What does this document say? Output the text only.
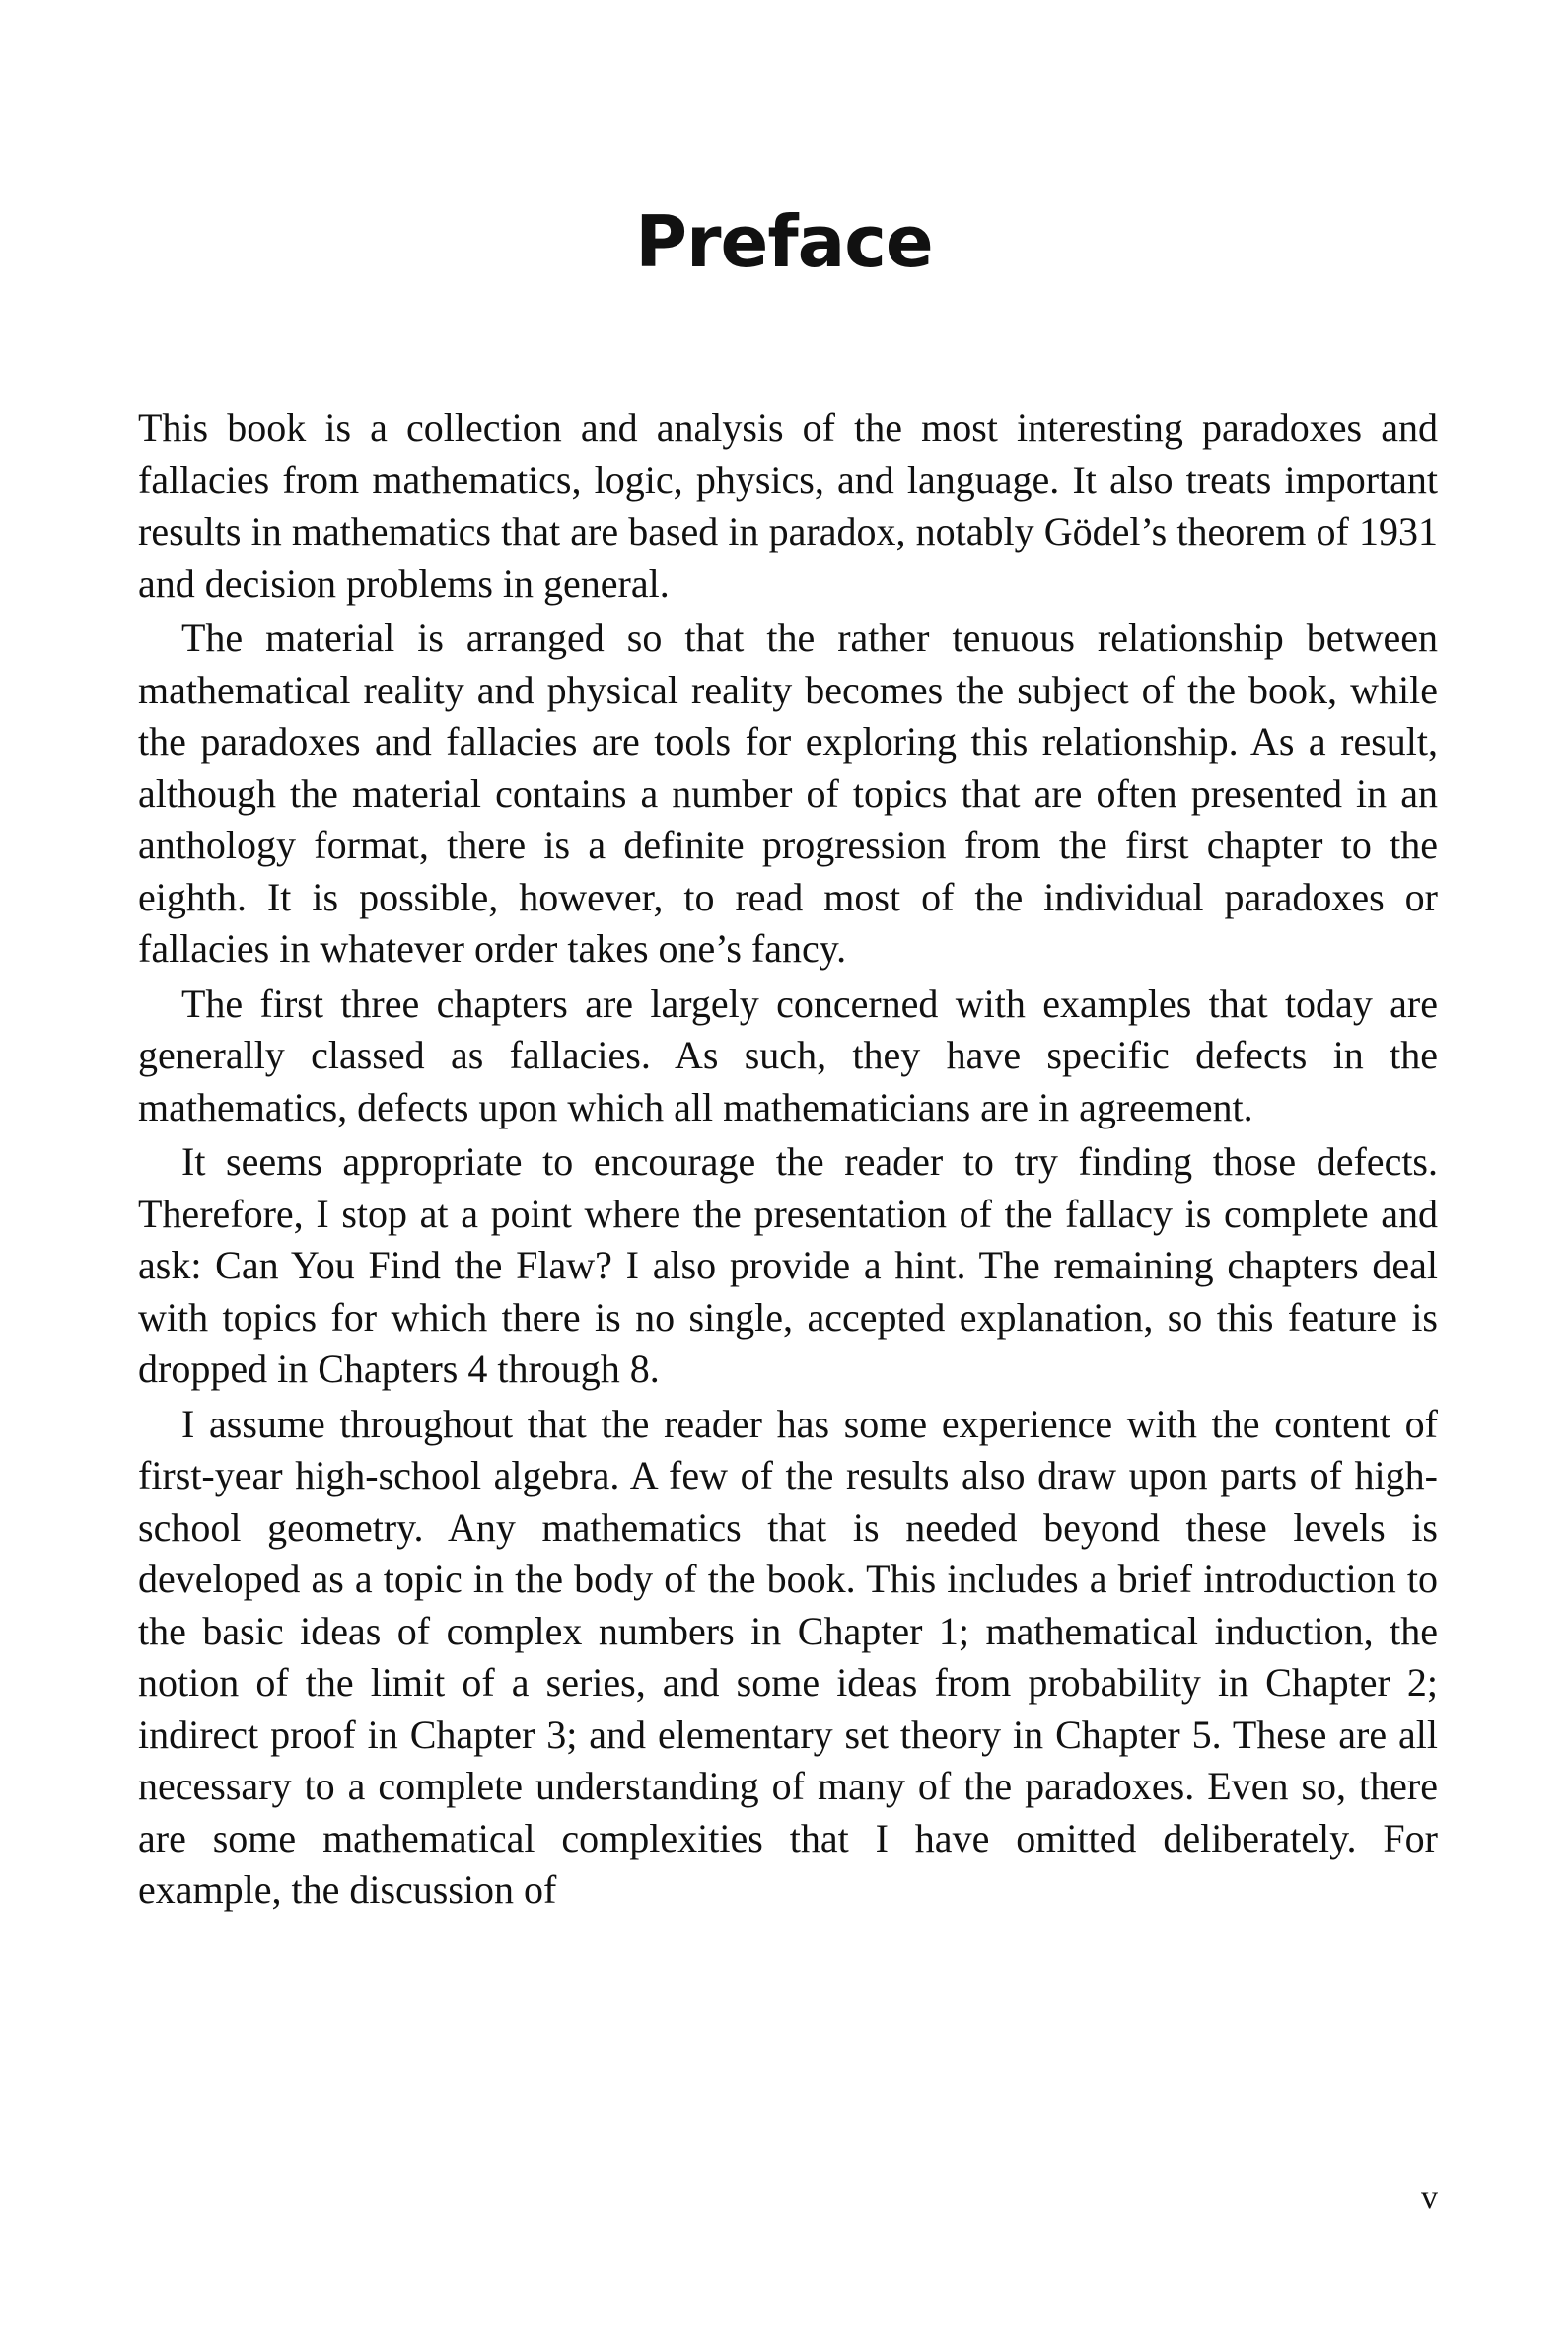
Preface

This book is a collection and analysis of the most interesting paradoxes and fallacies from mathematics, logic, physics, and language. It also treats important results in mathematics that are based in paradox, notably Gödel’s theorem of 1931 and decision problems in general.

The material is arranged so that the rather tenuous relationship between mathematical reality and physical reality becomes the subject of the book, while the paradoxes and fallacies are tools for exploring this relationship. As a result, although the material contains a number of topics that are often presented in an anthology format, there is a definite progression from the first chapter to the eighth. It is possible, however, to read most of the individual paradoxes or fallacies in whatever order takes one’s fancy.

The first three chapters are largely concerned with examples that today are generally classed as fallacies. As such, they have specific defects in the mathematics, defects upon which all mathematicians are in agreement.

It seems appropriate to encourage the reader to try finding those defects. Therefore, I stop at a point where the presentation of the fallacy is complete and ask: Can You Find the Flaw? I also provide a hint. The remaining chapters deal with topics for which there is no single, accepted explanation, so this feature is dropped in Chapters 4 through 8.

I assume throughout that the reader has some experience with the content of first-year high-school algebra. A few of the results also draw upon parts of high-school geometry. Any mathematics that is needed beyond these levels is developed as a topic in the body of the book. This includes a brief introduction to the basic ideas of complex numbers in Chapter 1; mathematical induction, the notion of the limit of a series, and some ideas from probability in Chapter 2; indirect proof in Chapter 3; and elementary set theory in Chapter 5. These are all necessary to a complete understanding of many of the paradoxes. Even so, there are some mathematical complexities that I have omitted deliberately. For example, the discussion of

v
